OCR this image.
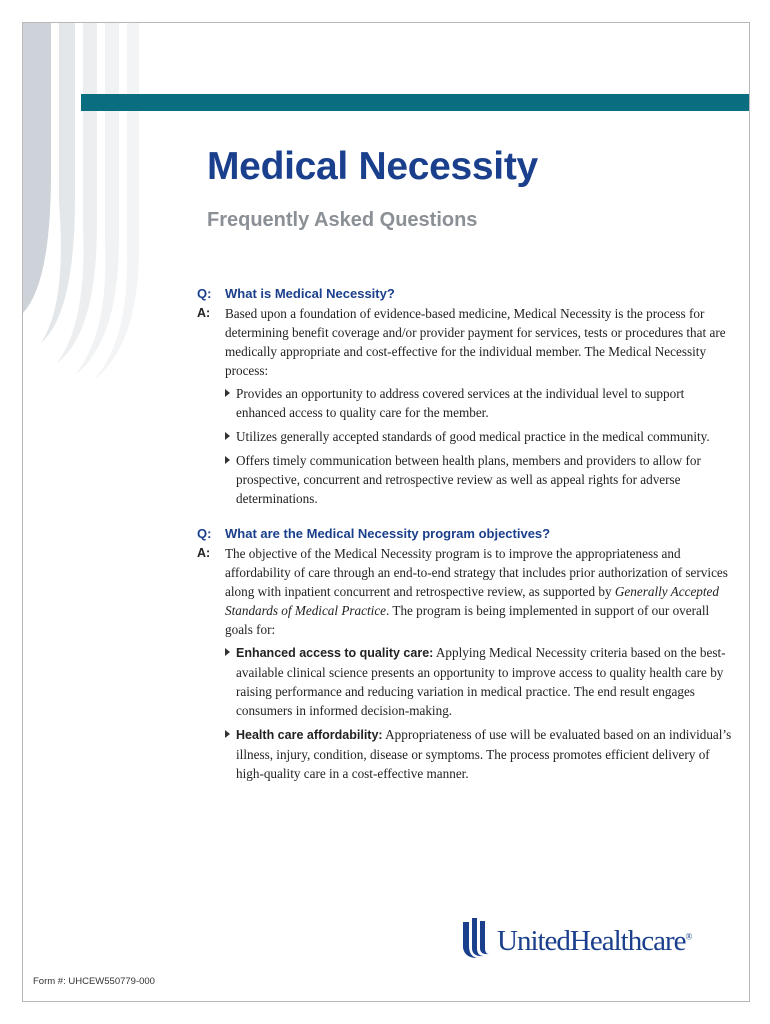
Medical Necessity
Frequently Asked Questions

Q:	What is Medical Necessity?

A:	Based upon a foundation of evidence-based medicine, Medical Necessity is the process for determining benefit coverage and/or provider payment for services, tests or procedures that are medically appropriate and cost-effective for the individual member. The Medical Necessity process:
Provides an opportunity to address covered services at the individual level to support enhanced access to quality care for the member.
Utilizes generally accepted standards of good medical practice in the medical community.
Offers timely communication between health plans, members and providers to allow for prospective, concurrent and retrospective review as well as appeal rights for adverse determinations.

Q:	What are the Medical Necessity program objectives?

A:	The objective of the Medical Necessity program is to improve the appropriateness and affordability of care through an end-to-end strategy that includes prior authorization of services along with inpatient concurrent and retrospective review, as supported by Generally Accepted Standards of Medical Practice. The program is being implemented in support of our overall goals for:
Enhanced access to quality care: Applying Medical Necessity criteria based on the best-available clinical science presents an opportunity to improve access to quality health care by raising performance and reducing variation in medical practice. The end result engages consumers in informed decision-making.
Health care affordability: Appropriateness of use will be evaluated based on an individual’s illness, injury, condition, disease or symptoms. The process promotes efficient delivery of high-quality care in a cost-effective manner.
UnitedHealthcare®
Form #: UHCEW550779-000
